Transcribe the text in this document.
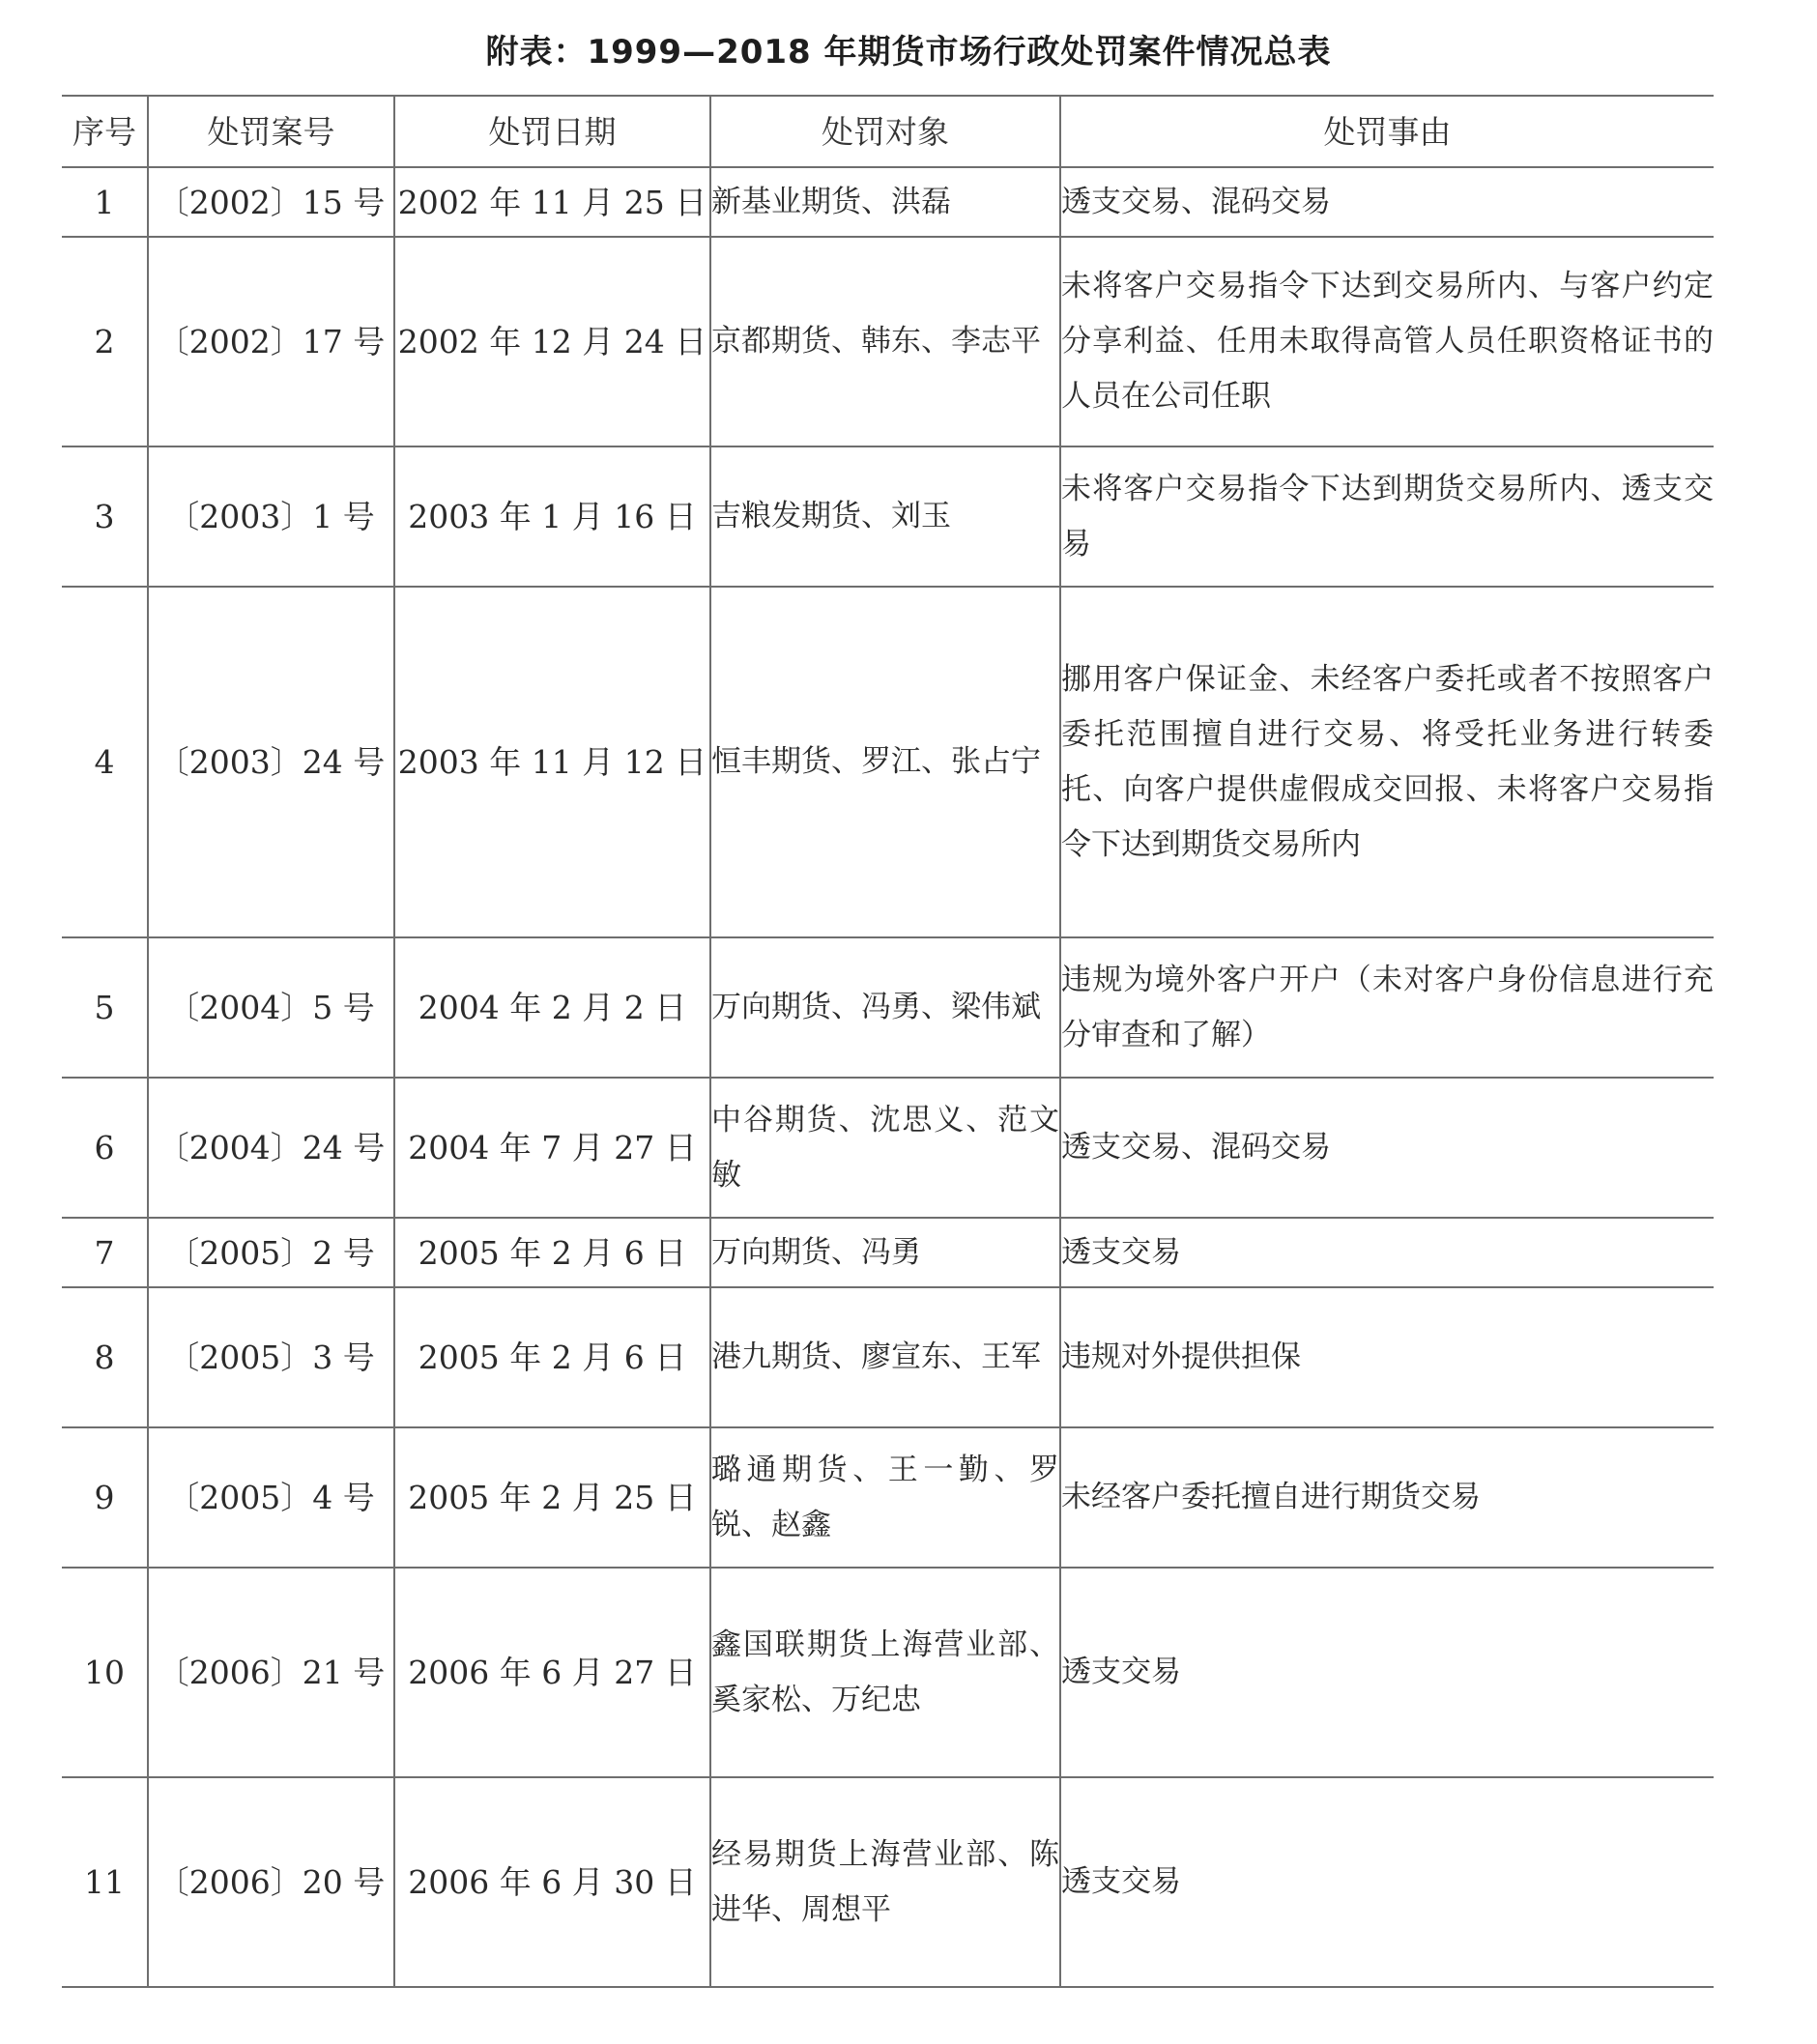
附表：1999—2018 年期货市场行政处罚案件情况总表
序号	处罚案号	处罚日期	处罚对象	处罚事由
1	〔2002〕15 号	2002 年 11 月 25 日	新基业期货、洪磊	透支交易、混码交易
2	〔2002〕17 号	2002 年 12 月 24 日	京都期货、韩东、李志平	未将客户交易指令下达到交易所内、与客户约定分享利益、任用未取得高管人员任职资格证书的人员在公司任职
3	〔2003〕1 号	2003 年 1 月 16 日	吉粮发期货、刘玉	未将客户交易指令下达到期货交易所内、透支交易
4	〔2003〕24 号	2003 年 11 月 12 日	恒丰期货、罗江、张占宁	挪用客户保证金、未经客户委托或者不按照客户委托范围擅自进行交易、将受托业务进行转委托、向客户提供虚假成交回报、未将客户交易指令下达到期货交易所内
5	〔2004〕5 号	2004 年 2 月 2 日	万向期货、冯勇、梁伟斌	违规为境外客户开户（未对客户身份信息进行充分审查和了解）
6	〔2004〕24 号	2004 年 7 月 27 日	中谷期货、沈思义、范文敏	透支交易、混码交易
7	〔2005〕2 号	2005 年 2 月 6 日	万向期货、冯勇	透支交易
8	〔2005〕3 号	2005 年 2 月 6 日	港九期货、廖宣东、王军	违规对外提供担保
9	〔2005〕4 号	2005 年 2 月 25 日	璐通期货、王一勤、罗锐、赵鑫	未经客户委托擅自进行期货交易
10	〔2006〕21 号	2006 年 6 月 27 日	鑫国联期货上海营业部、奚家松、万纪忠	透支交易
11	〔2006〕20 号	2006 年 6 月 30 日	经易期货上海营业部、陈进华、周想平	透支交易
